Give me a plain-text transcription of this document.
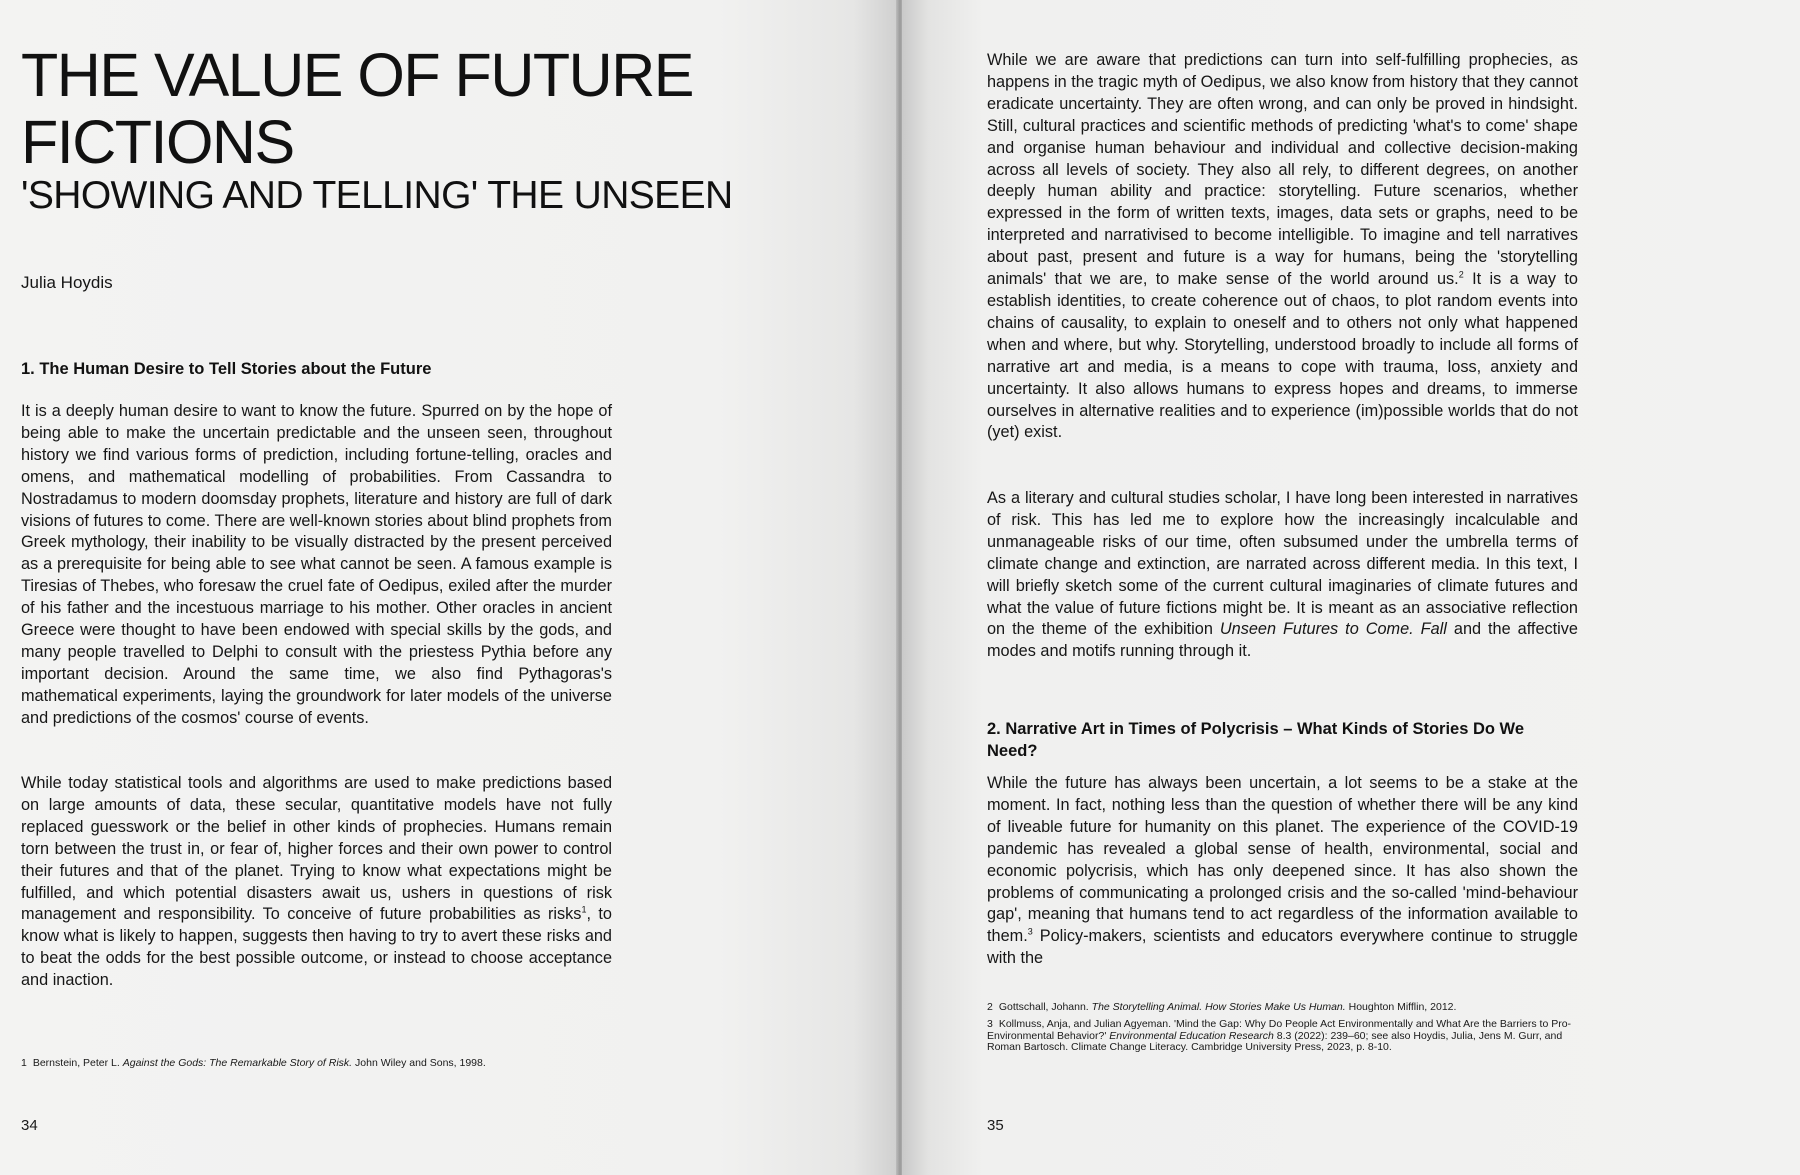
THE VALUE OF FUTURE
FICTIONS
'SHOWING AND TELLING' THE UNSEEN
Julia Hoydis
1. The Human Desire to Tell Stories about the Future

It is a deeply human desire to want to know the future. Spurred on by the hope of being able to make the uncertain predictable and the unseen seen, throughout history we find various forms of prediction, including fortune-telling, oracles and omens, and mathematical modelling of probabilities. From Cassandra to Nostradamus to modern doomsday prophets, literature and history are full of dark visions of futures to come. There are well-known stories about blind prophets from Greek mythology, their inability to be visually distracted by the present perceived as a prerequisite for being able to see what cannot be seen. A famous example is Tiresias of Thebes, who foresaw the cruel fate of Oedipus, exiled after the murder of his father and the incestuous marriage to his mother. Other oracles in ancient Greece were thought to have been endowed with special skills by the gods, and many people travelled to Delphi to consult with the priestess Pythia before any important decision. Around the same time, we also find Pythagoras's mathematical experiments, laying the groundwork for later models of the universe and predictions of the cosmos' course of events.

While today statistical tools and algorithms are used to make predictions based on large amounts of data, these secular, quantitative models have not fully replaced guesswork or the belief in other kinds of prophecies. Humans remain torn between the trust in, or fear of, higher forces and their own power to control their futures and that of the planet. Trying to know what expectations might be fulfilled, and which potential disasters await us, ushers in questions of risk management and responsibility. To conceive of future probabilities as risks$^1$, to know what is likely to happen, suggests then having to try to avert these risks and to beat the odds for the best possible outcome, or instead to choose acceptance and inaction.

1 Bernstein, Peter L. Against the Gods: The Remarkable Story of Risk. John Wiley and Sons, 1998.
34

While we are aware that predictions can turn into self-fulfilling prophecies, as happens in the tragic myth of Oedipus, we also know from history that they cannot eradicate uncertainty. They are often wrong, and can only be proved in hindsight. Still, cultural practices and scientific methods of predicting 'what's to come' shape and organise human behaviour and individual and collective decision-making across all levels of society. They also all rely, to different degrees, on another deeply human ability and practice: storytelling. Future scenarios, whether expressed in the form of written texts, images, data sets or graphs, need to be interpreted and narrativised to become intelligible. To imagine and tell narratives about past, present and future is a way for humans, being the 'storytelling animals' that we are, to make sense of the world around us.$^2$ It is a way to establish identities, to create coherence out of chaos, to plot random events into chains of causality, to explain to oneself and to others not only what happened when and where, but why. Storytelling, understood broadly to include all forms of narrative art and media, is a means to cope with trauma, loss, anxiety and uncertainty. It also allows humans to express hopes and dreams, to immerse ourselves in alternative realities and to experience (im)possible worlds that do not (yet) exist.

As a literary and cultural studies scholar, I have long been interested in narratives of risk. This has led me to explore how the increasingly incalculable and unmanageable risks of our time, often subsumed under the umbrella terms of climate change and extinction, are narrated across different media. In this text, I will briefly sketch some of the current cultural imaginaries of climate futures and what the value of future fictions might be. It is meant as an associative reflection on the theme of the exhibition Unseen Futures to Come. Fall and the affective modes and motifs running through it.

2. Narrative Art in Times of Polycrisis – What Kinds of Stories Do We Need?

While the future has always been uncertain, a lot seems to be a stake at the moment. In fact, nothing less than the question of whether there will be any kind of liveable future for humanity on this planet. The experience of the COVID-19 pandemic has revealed a global sense of health, environmental, social and economic polycrisis, which has only deepened since. It has also shown the problems of communicating a prolonged crisis and the so-called 'mind-behaviour gap', meaning that humans tend to act regardless of the information available to them.$^3$ Policy-makers, scientists and educators everywhere continue to struggle with the

2 Gottschall, Johann. The Storytelling Animal. How Stories Make Us Human. Houghton Mifflin, 2012.
3 Kollmuss, Anja, and Julian Agyeman. 'Mind the Gap: Why Do People Act Environmentally and What Are the Barriers to Pro-Environmental Behavior?' Environmental Education Research 8.3 (2022): 239–60; see also Hoydis, Julia, Jens M. Gurr, and Roman Bartosch. Climate Change Literacy. Cambridge University Press, 2023, p. 8-10.
35
